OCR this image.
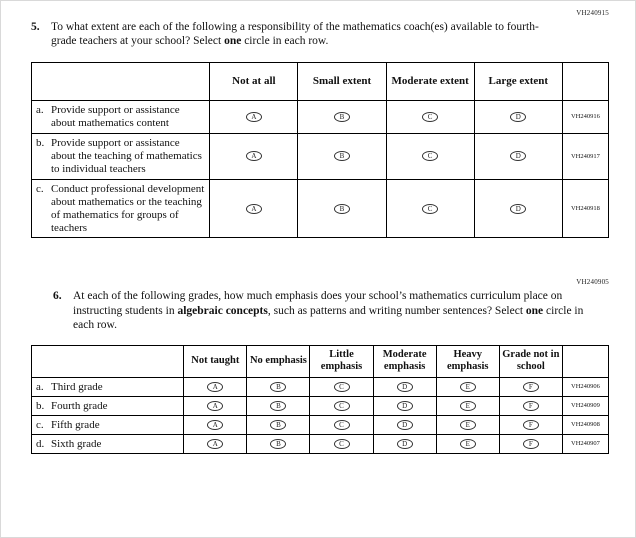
VH240915
5. To what extent are each of the following a responsibility of the mathematics coach(es) available to fourth-grade teachers at your school? Select one circle in each row.
	Not at all	Small extent	Moderate extent	Large extent	

a. Provide support or assistance about mathematics content	A	B	C	D	VH240916

b. Provide support or assistance about the teaching of mathematics to individual teachers	A	B	C	D	VH240917

c. Conduct professional development about mathematics or the teaching of mathematics for groups of teachers	A	B	C	D	VH240918
VH240905
6. At each of the following grades, how much emphasis does your school’s mathematics curriculum place on instructing students in algebraic concepts, such as patterns and writing number sentences? Select one circle in each row.
	Not taught	No emphasis	Little emphasis	Moderate emphasis	Heavy emphasis	Grade not in school	

a. Third grade	A	B	C	D	E	F	VH240906

b. Fourth grade	A	B	C	D	E	F	VH240909

c. Fifth grade	A	B	C	D	E	F	VH240908

d. Sixth grade	A	B	C	D	E	F	VH240907
